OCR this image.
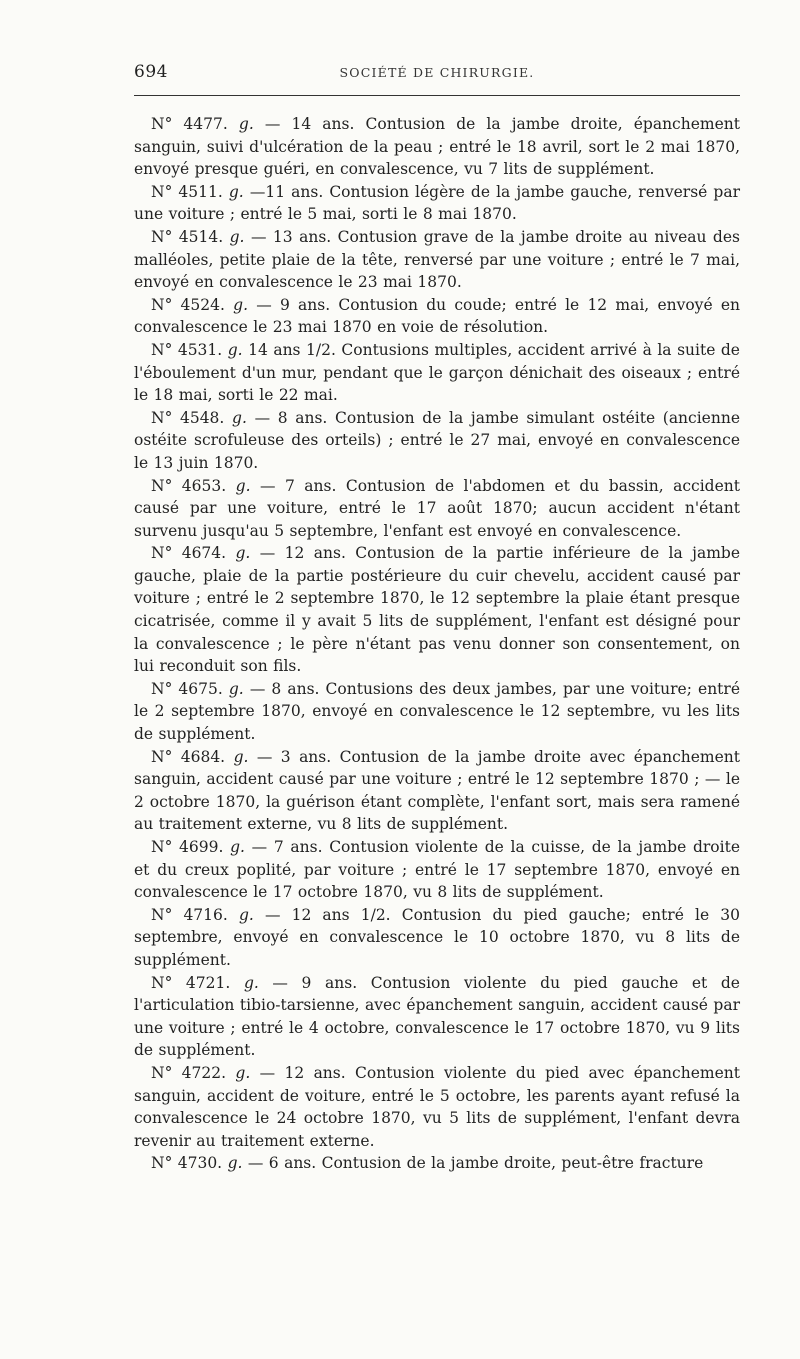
694	SOCIÉTÉ DE CHIRURGIE.

N° 4477. g. — 14 ans. Contusion de la jambe droite, épanchement sanguin, suivi d'ulcération de la peau ; entré le 18 avril, sort le 2 mai 1870, envoyé presque guéri, en convalescence, vu 7 lits de supplément.

N° 4511. g. —11 ans. Contusion légère de la jambe gauche, renversé par une voiture ; entré le 5 mai, sorti le 8 mai 1870.

N° 4514. g. — 13 ans. Contusion grave de la jambe droite au niveau des malléoles, petite plaie de la tête, renversé par une voiture ; entré le 7 mai, envoyé en convalescence le 23 mai 1870.

N° 4524. g. — 9 ans. Contusion du coude; entré le 12 mai, envoyé en convalescence le 23 mai 1870 en voie de résolution.

N° 4531. g. 14 ans 1/2. Contusions multiples, accident arrivé à la suite de l'éboulement d'un mur, pendant que le garçon dénichait des oiseaux ; entré le 18 mai, sorti le 22 mai.

N° 4548. g. — 8 ans. Contusion de la jambe simulant ostéite (ancienne ostéite scrofuleuse des orteils) ; entré le 27 mai, envoyé en convalescence le 13 juin 1870.

N° 4653. g. — 7 ans. Contusion de l'abdomen et du bassin, accident causé par une voiture, entré le 17 août 1870; aucun accident n'étant survenu jusqu'au 5 septembre, l'enfant est envoyé en convalescence.

N° 4674. g. — 12 ans. Contusion de la partie inférieure de la jambe gauche, plaie de la partie postérieure du cuir chevelu, accident causé par voiture ; entré le 2 septembre 1870, le 12 septembre la plaie étant presque cicatrisée, comme il y avait 5 lits de supplément, l'enfant est désigné pour la convalescence ; le père n'étant pas venu donner son consentement, on lui reconduit son fils.

N° 4675. g. — 8 ans. Contusions des deux jambes, par une voiture; entré le 2 septembre 1870, envoyé en convalescence le 12 septembre, vu les lits de supplément.

N° 4684. g. — 3 ans. Contusion de la jambe droite avec épanchement sanguin, accident causé par une voiture ; entré le 12 septembre 1870 ; — le 2 octobre 1870, la guérison étant complète, l'enfant sort, mais sera ramené au traitement externe, vu 8 lits de supplément.

N° 4699. g. — 7 ans. Contusion violente de la cuisse, de la jambe droite et du creux poplité, par voiture ; entré le 17 septembre 1870, envoyé en convalescence le 17 octobre 1870, vu 8 lits de supplément.

N° 4716. g. — 12 ans 1/2. Contusion du pied gauche; entré le 30 septembre, envoyé en convalescence le 10 octobre 1870, vu 8 lits de supplément.

N° 4721. g. — 9 ans. Contusion violente du pied gauche et de l'articulation tibio-tarsienne, avec épanchement sanguin, accident causé par une voiture ; entré le 4 octobre, convalescence le 17 octobre 1870, vu 9 lits de supplément.

N° 4722. g. — 12 ans. Contusion violente du pied avec épanchement sanguin, accident de voiture, entré le 5 octobre, les parents ayant refusé la convalescence le 24 octobre 1870, vu 5 lits de supplément, l'enfant devra revenir au traitement externe.

N° 4730. g. — 6 ans. Contusion de la jambe droite, peut-être fracture
